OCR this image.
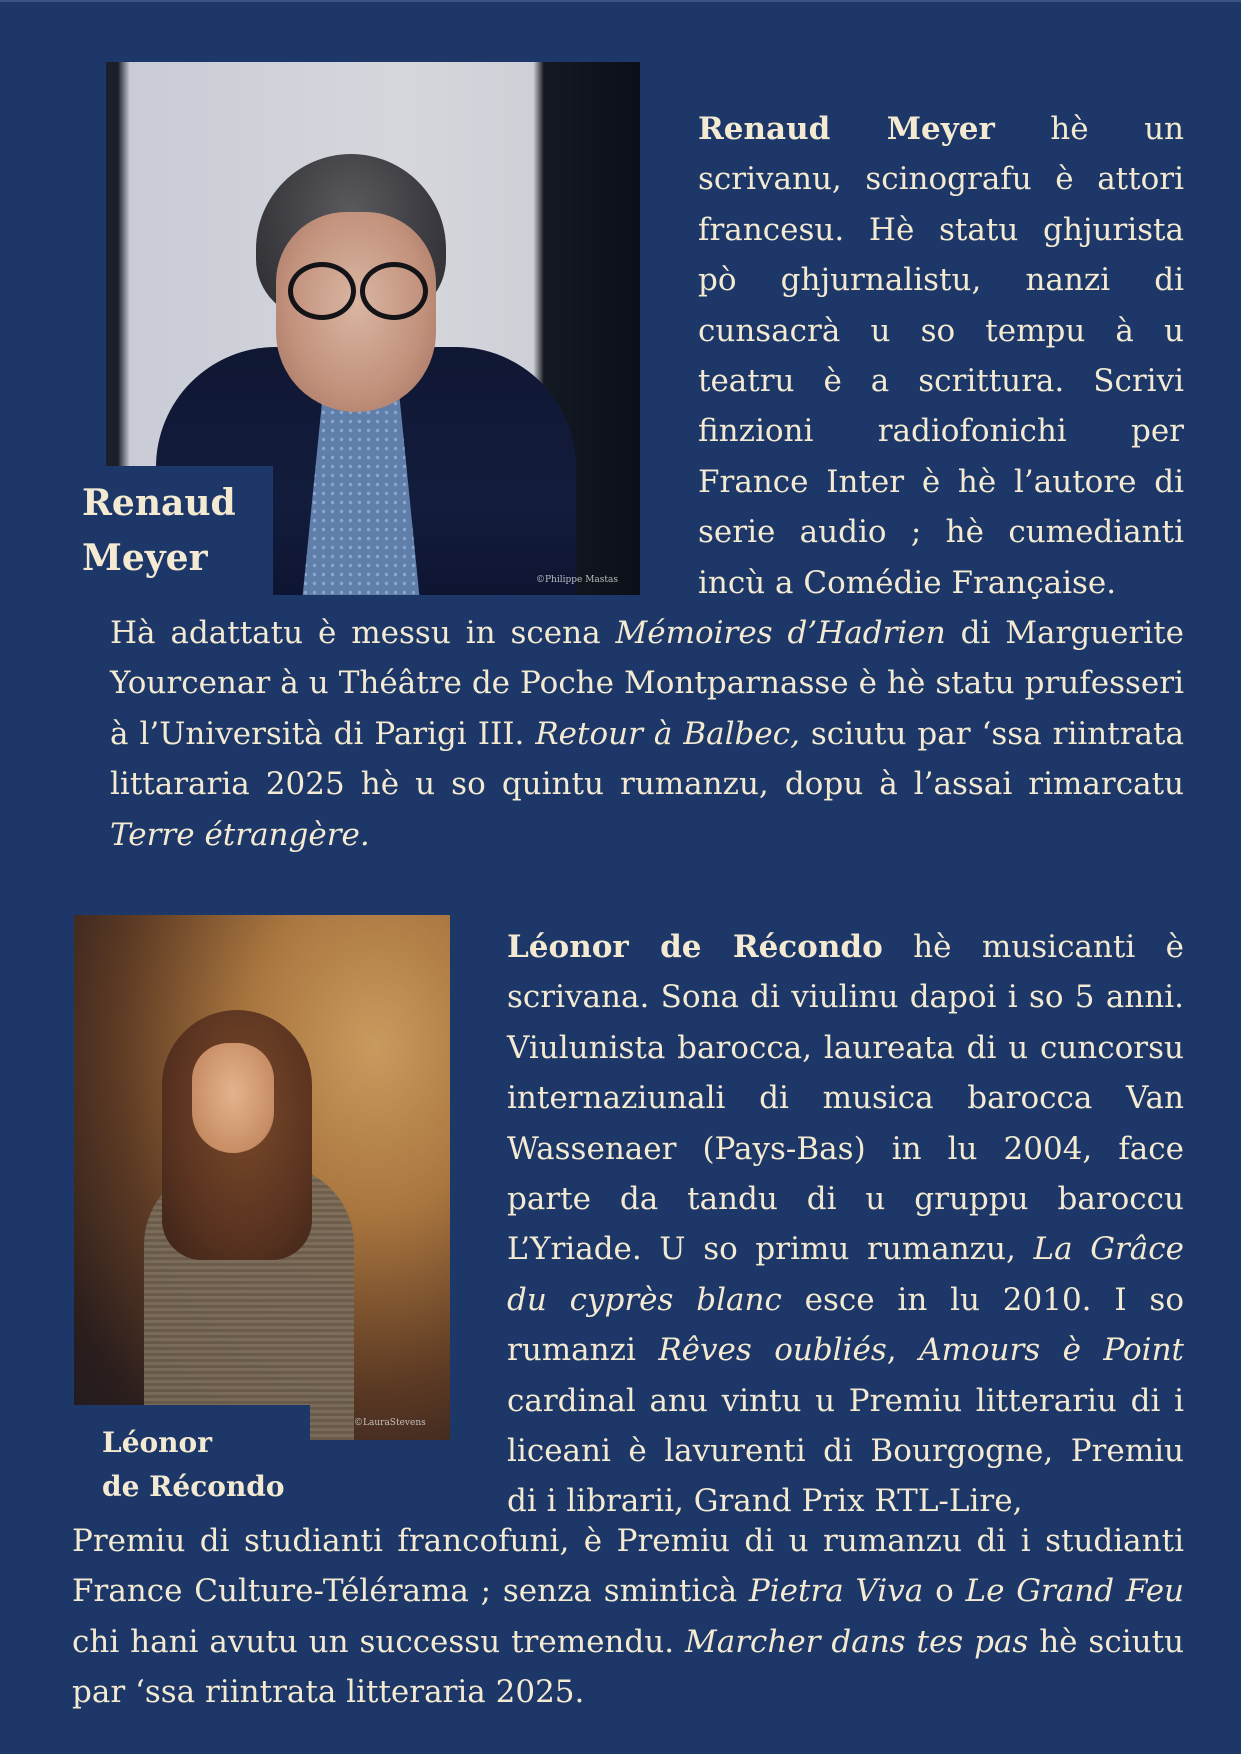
©Philippe Mastas
Renaud
Meyer
Renaud Meyer hè un scrivanu, scinografu è attori francesu. Hè statu ghjurista pò ghjurnalistu, nanzi di cunsacrà u so tempu à u teatru è a scrittura. Scrivi finzioni radiofonichi per France Inter è hè l’autore di serie audio ; hè cumedianti incù a Comédie Française.
Hà adattatu è messu in scena Mémoires d’Hadrien di Marguerite Yourcenar à u Théâtre de Poche Montparnasse è hè statu prufesseri à l’Università di Parigi III. Retour à Balbec, sciutu par ‘ssa riintrata littararia 2025 hè u so quintu rumanzu, dopu à l’assai rimarcatu Terre étrangère.
©LauraStevens
Léonor
de Récondo
Léonor de Récondo hè musicanti è scrivana. Sona di viulinu dapoi i so 5 anni. Viulunista barocca, laureata di u cuncorsu internaziunali di musica barocca Van Wassenaer (Pays-Bas) in lu 2004, face parte da tandu di u gruppu baroccu L’Yriade. U so primu rumanzu, La Grâce du cyprès blanc esce in lu 2010. I so rumanzi Rêves oubliés, Amours è Point cardinal anu vintu u Premiu litterariu di i liceani è lavurenti di Bourgogne, Premiu di i librarii, Grand Prix RTL-Lire,
Premiu di studianti francofuni, è Premiu di u rumanzu di i studianti France Culture-Télérama ; senza sminticà Pietra Viva o Le Grand Feu chi hani avutu un successu tremendu. Marcher dans tes pas hè sciutu par ‘ssa riintrata litteraria 2025.
